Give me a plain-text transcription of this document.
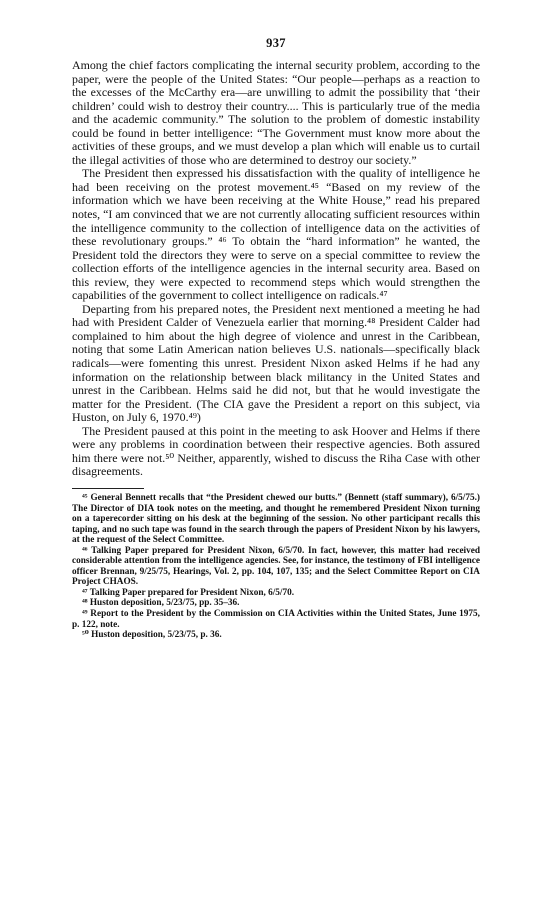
937

Among the chief factors complicating the internal security problem, according to the paper, were the people of the United States: “Our people—perhaps as a reaction to the excesses of the McCarthy era—are unwilling to admit the possibility that ‘their children’ could wish to destroy their country.... This is particularly true of the media and the academic community.” The solution to the problem of domestic instability could be found in better intelligence: “The Government must know more about the activities of these groups, and we must develop a plan which will enable us to curtail the illegal activities of those who are determined to destroy our society.”

The President then expressed his dissatisfaction with the quality of intelligence he had been receiving on the protest movement.⁴⁵ “Based on my review of the information which we have been receiving at the White House,” read his prepared notes, “I am convinced that we are not currently allocating sufficient resources within the intelligence community to the collection of intelligence data on the activities of these revolutionary groups.” ⁴⁶ To obtain the “hard information” he wanted, the President told the directors they were to serve on a special committee to review the collection efforts of the intelligence agencies in the internal security area. Based on this review, they were expected to recommend steps which would strengthen the capabilities of the government to collect intelligence on radicals.⁴⁷

Departing from his prepared notes, the President next mentioned a meeting he had had with President Calder of Venezuela earlier that morning.⁴⁸ President Calder had complained to him about the high degree of violence and unrest in the Caribbean, noting that some Latin American nation believes U.S. nationals—specifically black radicals—were fomenting this unrest. President Nixon asked Helms if he had any information on the relationship between black militancy in the United States and unrest in the Caribbean. Helms said he did not, but that he would investigate the matter for the President. (The CIA gave the President a report on this subject, via Huston, on July 6, 1970.⁴⁹)

The President paused at this point in the meeting to ask Hoover and Helms if there were any problems in coordination between their respective agencies. Both assured him there were not.⁵⁰ Neither, apparently, wished to discuss the Riha Case with other disagreements.

⁴⁵ General Bennett recalls that “the President chewed our butts.” (Bennett (staff summary), 6/5/75.) The Director of DIA took notes on the meeting, and thought he remembered President Nixon turning on a taperecorder sitting on his desk at the beginning of the session. No other participant recalls this taping, and no such tape was found in the search through the papers of President Nixon by his lawyers, at the request of the Select Committee.

⁴⁶ Talking Paper prepared for President Nixon, 6/5/70. In fact, however, this matter had received considerable attention from the intelligence agencies. See, for instance, the testimony of FBI intelligence officer Brennan, 9/25/75, Hearings, Vol. 2, pp. 104, 107, 135; and the Select Committee Report on CIA Project CHAOS.

⁴⁷ Talking Paper prepared for President Nixon, 6/5/70.

⁴⁸ Huston deposition, 5/23/75, pp. 35–36.

⁴⁹ Report to the President by the Commission on CIA Activities within the United States, June 1975, p. 122, note.

⁵⁰ Huston deposition, 5/23/75, p. 36.
